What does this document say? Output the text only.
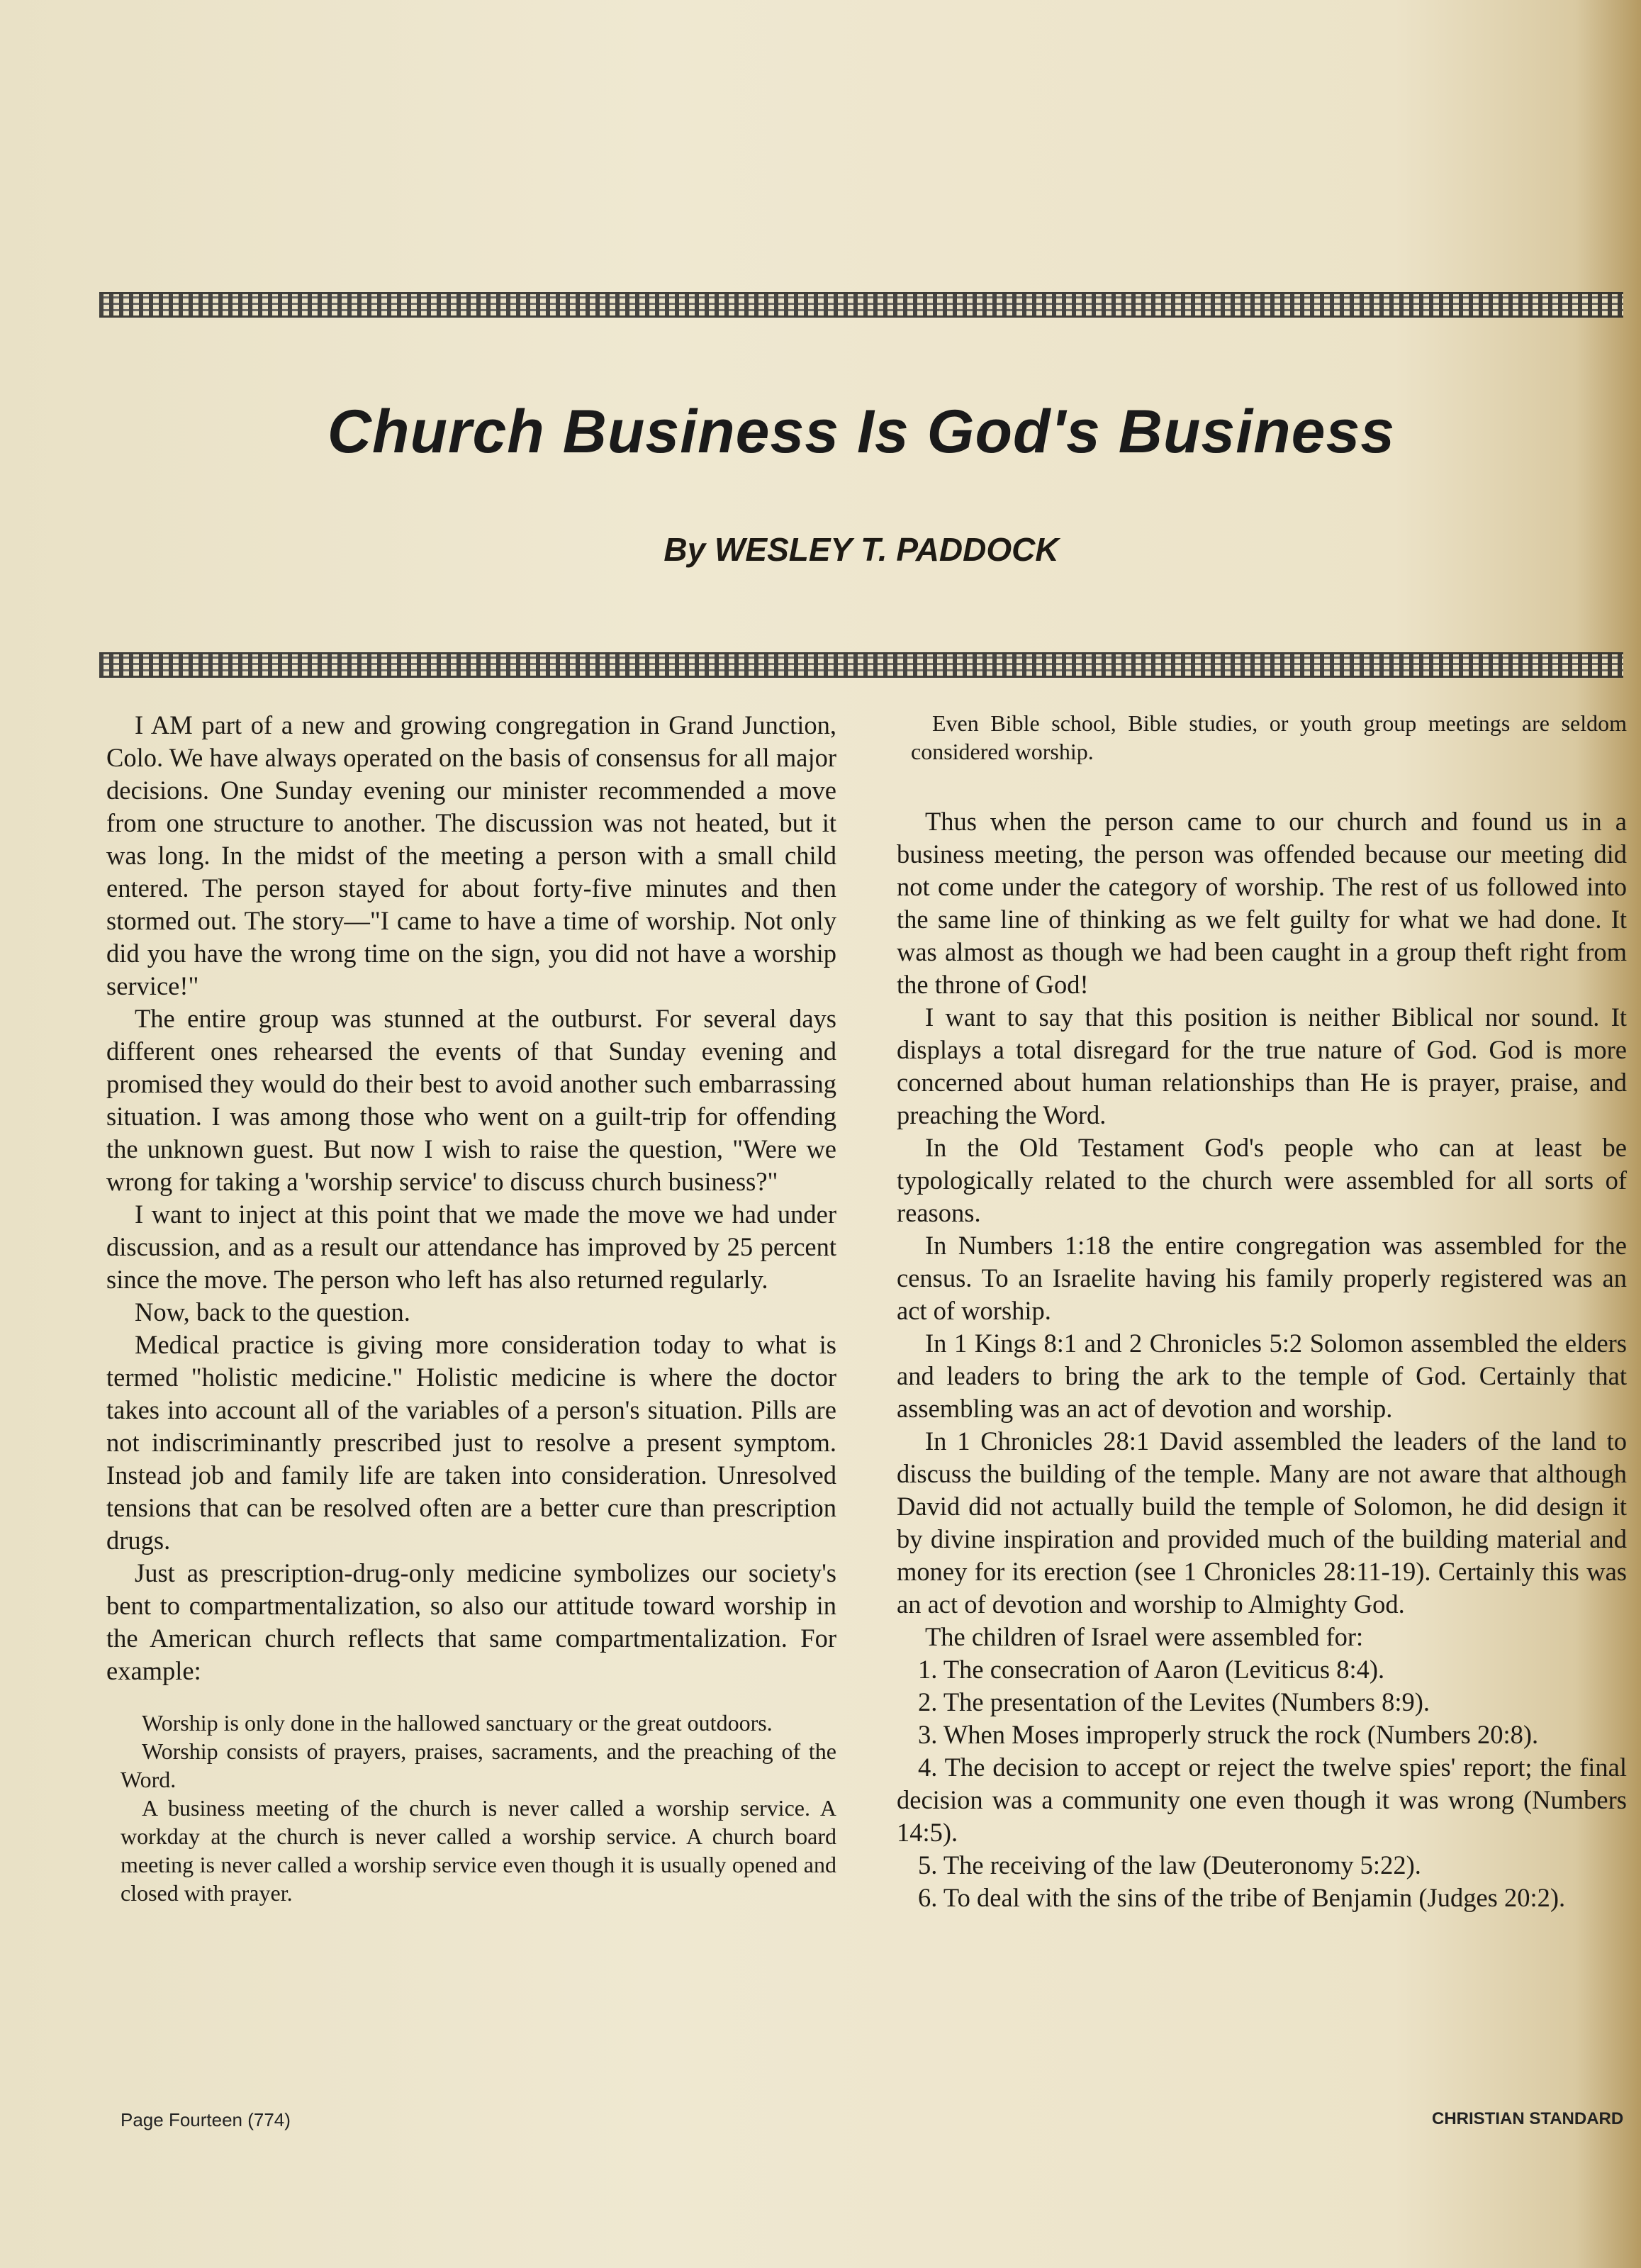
Church Business Is God's Business
By WESLEY T. PADDOCK

I AM part of a new and growing congregation in Grand Junction, Colo. We have always operated on the basis of consensus for all major decisions. One Sunday evening our minister recommended a move from one structure to another. The discussion was not heated, but it was long. In the midst of the meeting a person with a small child entered. The person stayed for about forty-five minutes and then stormed out. The story—"I came to have a time of worship. Not only did you have the wrong time on the sign, you did not have a worship service!"

The entire group was stunned at the outburst. For several days different ones rehearsed the events of that Sunday evening and promised they would do their best to avoid another such embarrassing situation. I was among those who went on a guilt-trip for offending the unknown guest. But now I wish to raise the question, "Were we wrong for taking a 'worship service' to discuss church business?"

I want to inject at this point that we made the move we had under discussion, and as a result our attendance has improved by 25 percent since the move. The person who left has also returned regularly.

Now, back to the question.

Medical practice is giving more consideration today to what is termed "holistic medicine." Holistic medicine is where the doctor takes into account all of the variables of a person's situation. Pills are not indiscriminantly prescribed just to resolve a present symptom. Instead job and family life are taken into consideration. Unresolved tensions that can be resolved often are a better cure than prescription drugs.

Just as prescription-drug-only medicine symbolizes our society's bent to compartmentalization, so also our attitude toward worship in the American church reflects that same compartmentalization. For example:

Worship is only done in the hallowed sanctuary or the great outdoors.

Worship consists of prayers, praises, sacraments, and the preaching of the Word.

A business meeting of the church is never called a worship service. A workday at the church is never called a worship service. A church board meeting is never called a worship service even though it is usually opened and closed with prayer.

Even Bible school, Bible studies, or youth group meetings are seldom considered worship.

Thus when the person came to our church and found us in a business meeting, the person was offended because our meeting did not come under the category of worship. The rest of us followed into the same line of thinking as we felt guilty for what we had done. It was almost as though we had been caught in a group theft right from the throne of God!

I want to say that this position is neither Biblical nor sound. It displays a total disregard for the true nature of God. God is more concerned about human relationships than He is prayer, praise, and preaching the Word.

In the Old Testament God's people who can at least be typologically related to the church were assembled for all sorts of reasons.

In Numbers 1:18 the entire congregation was assembled for the census. To an Israelite having his family properly registered was an act of worship.

In 1 Kings 8:1 and 2 Chronicles 5:2 Solomon assembled the elders and leaders to bring the ark to the temple of God. Certainly that assembling was an act of devotion and worship.

In 1 Chronicles 28:1 David assembled the leaders of the land to discuss the building of the temple. Many are not aware that although David did not actually build the temple of Solomon, he did design it by divine inspiration and provided much of the building material and money for its erection (see 1 Chronicles 28:11-19). Certainly this was an act of devotion and worship to Almighty God.

The children of Israel were assembled for:

1. The consecration of Aaron (Leviticus 8:4).

2. The presentation of the Levites (Numbers 8:9).

3. When Moses improperly struck the rock (Numbers 20:8).

4. The decision to accept or reject the twelve spies' report; the final decision was a community one even though it was wrong (Numbers 14:5).

5. The receiving of the law (Deuteronomy 5:22).

6. To deal with the sins of the tribe of Benjamin (Judges 20:2).

Page Fourteen (774)	CHRISTIAN STANDARD
